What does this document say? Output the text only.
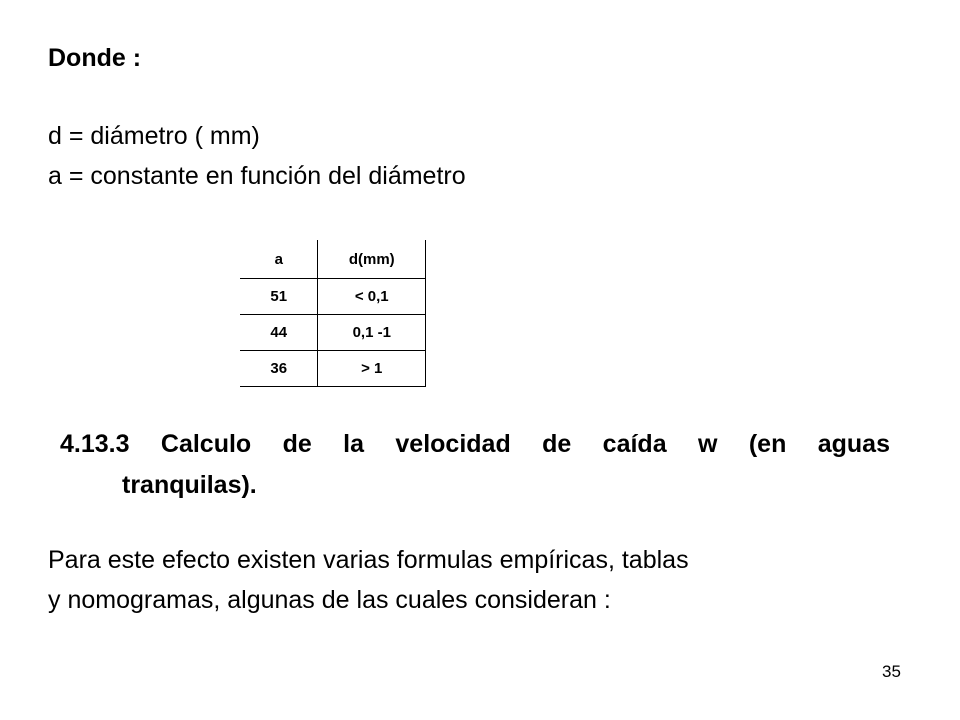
Donde :
d = diámetro ( mm)
a = constante en función del diámetro
a	d(mm)
51	< 0,1
44	0,1 -1
36	> 1
4.13.3 Calculo de la velocidad de caída w (en aguas
tranquilas).
Para este efecto existen varias formulas empíricas, tablas
y nomogramas, algunas de las cuales consideran :
35
